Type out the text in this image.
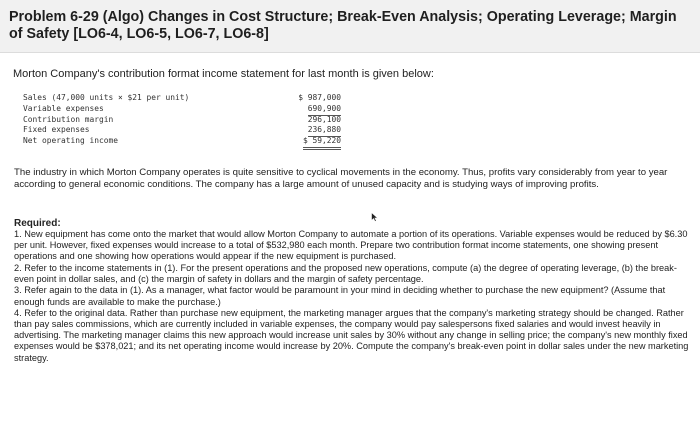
Problem 6-29 (Algo) Changes in Cost Structure; Break-Even Analysis; Operating Leverage; Margin of Safety [LO6-4, LO6-5, LO6-7, LO6-8]
Morton Company's contribution format income statement for last month is given below:
Sales (47,000 units × $21 per unit)	$ 987,000
Variable expenses	690,900
Contribution margin	296,100
Fixed expenses	236,880
Net operating income	$ 59,220

The industry in which Morton Company operates is quite sensitive to cyclical movements in the economy. Thus, profits vary considerably from year to year according to general economic conditions. The company has a large amount of unused capacity and is studying ways of improving profits.

Required:

1. New equipment has come onto the market that would allow Morton Company to automate a portion of its operations. Variable expenses would be reduced by $6.30 per unit. However, fixed expenses would increase to a total of $532,980 each month. Prepare two contribution format income statements, one showing present operations and one showing how operations would appear if the new equipment is purchased.

2. Refer to the income statements in (1). For the present operations and the proposed new operations, compute (a) the degree of operating leverage, (b) the break-even point in dollar sales, and (c) the margin of safety in dollars and the margin of safety percentage.

3. Refer again to the data in (1). As a manager, what factor would be paramount in your mind in deciding whether to purchase the new equipment? (Assume that enough funds are available to make the purchase.)

4. Refer to the original data. Rather than purchase new equipment, the marketing manager argues that the company's marketing strategy should be changed. Rather than pay sales commissions, which are currently included in variable expenses, the company would pay salespersons fixed salaries and would invest heavily in advertising. The marketing manager claims this new approach would increase unit sales by 30% without any change in selling price; the company's new monthly fixed expenses would be $378,021; and its net operating income would increase by 20%. Compute the company's break-even point in dollar sales under the new marketing strategy.
